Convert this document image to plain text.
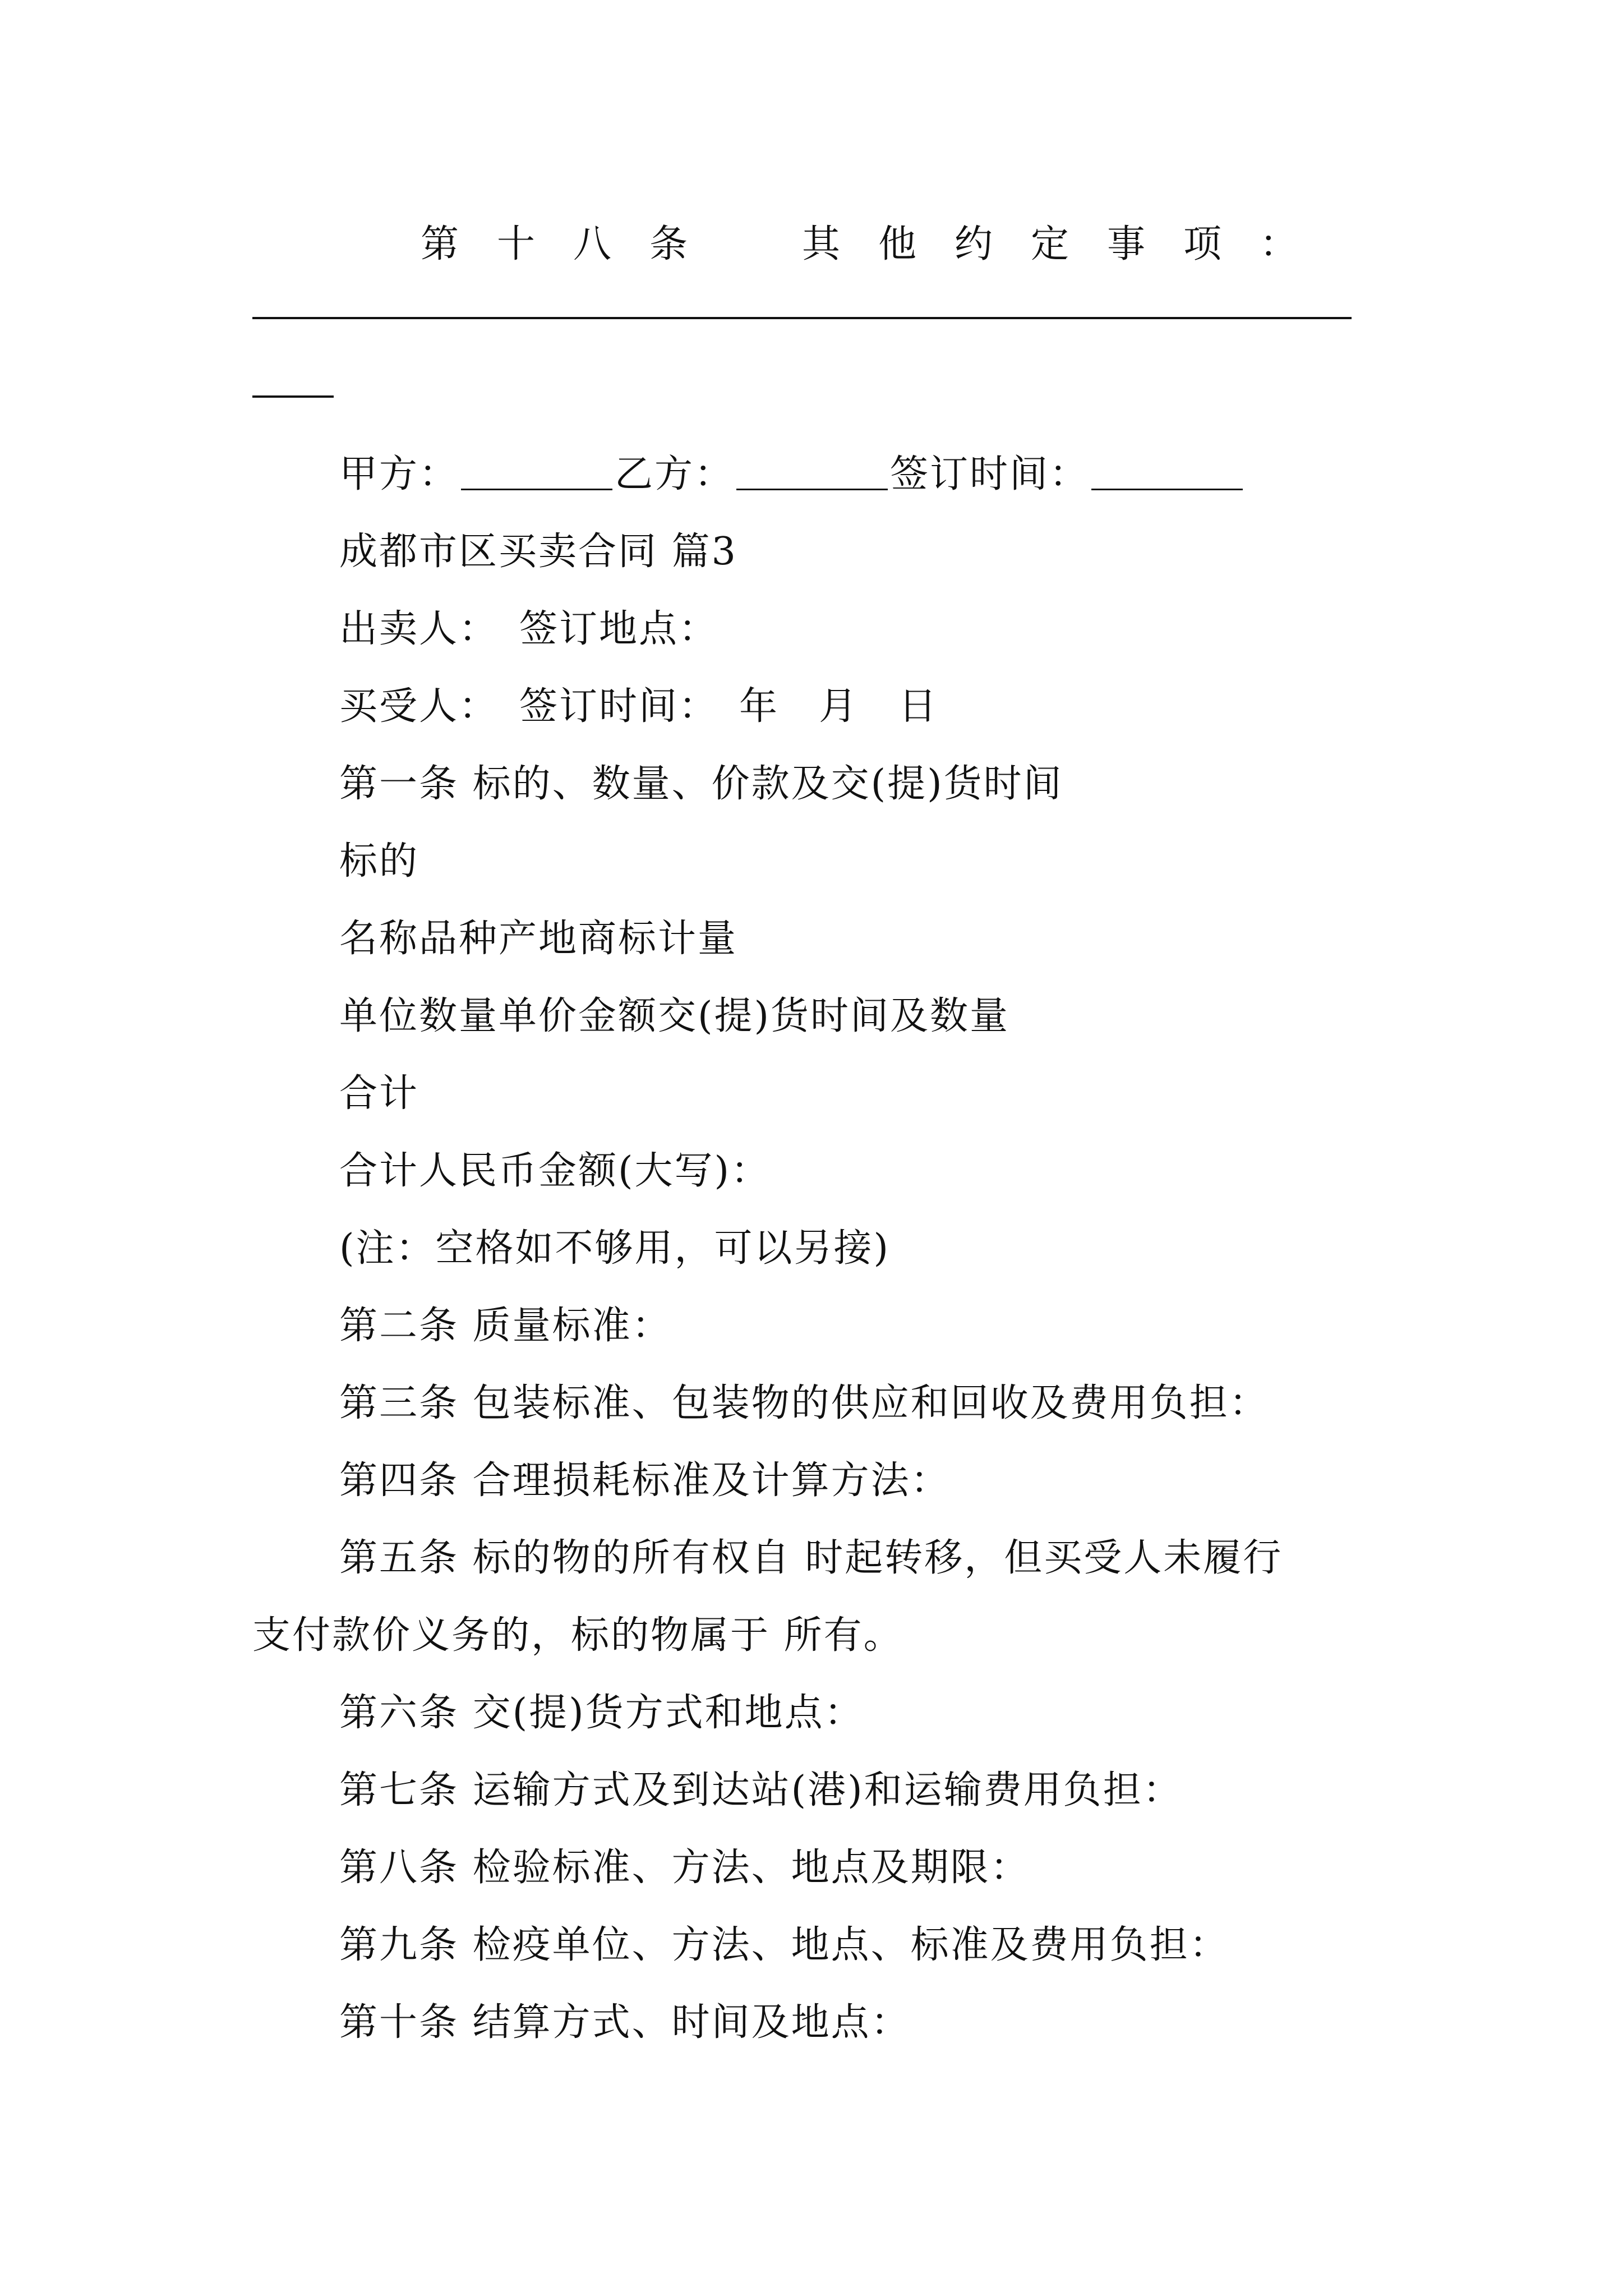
第十八条　其他约定事项：
甲方：	乙方：	签订时间：
成都市区买卖合同 篇3
出卖人：　签订地点：
买受人：　签订时间：　年　月　日
第一条 标的、数量、价款及交(提)货时间
标的
名称品种产地商标计量
单位数量单价金额交(提)货时间及数量
合计
合计人民币金额(大写)：
(注：空格如不够用，可以另接)
第二条 质量标准：
第三条 包装标准、包装物的供应和回收及费用负担：
第四条 合理损耗标准及计算方法：
第五条 标的物的所有权自 时起转移，但买受人未履行
支付款价义务的，标的物属于 所有。
第六条 交(提)货方式和地点：
第七条 运输方式及到达站(港)和运输费用负担：
第八条 检验标准、方法、地点及期限：
第九条 检疫单位、方法、地点、标准及费用负担：
第十条 结算方式、时间及地点：
